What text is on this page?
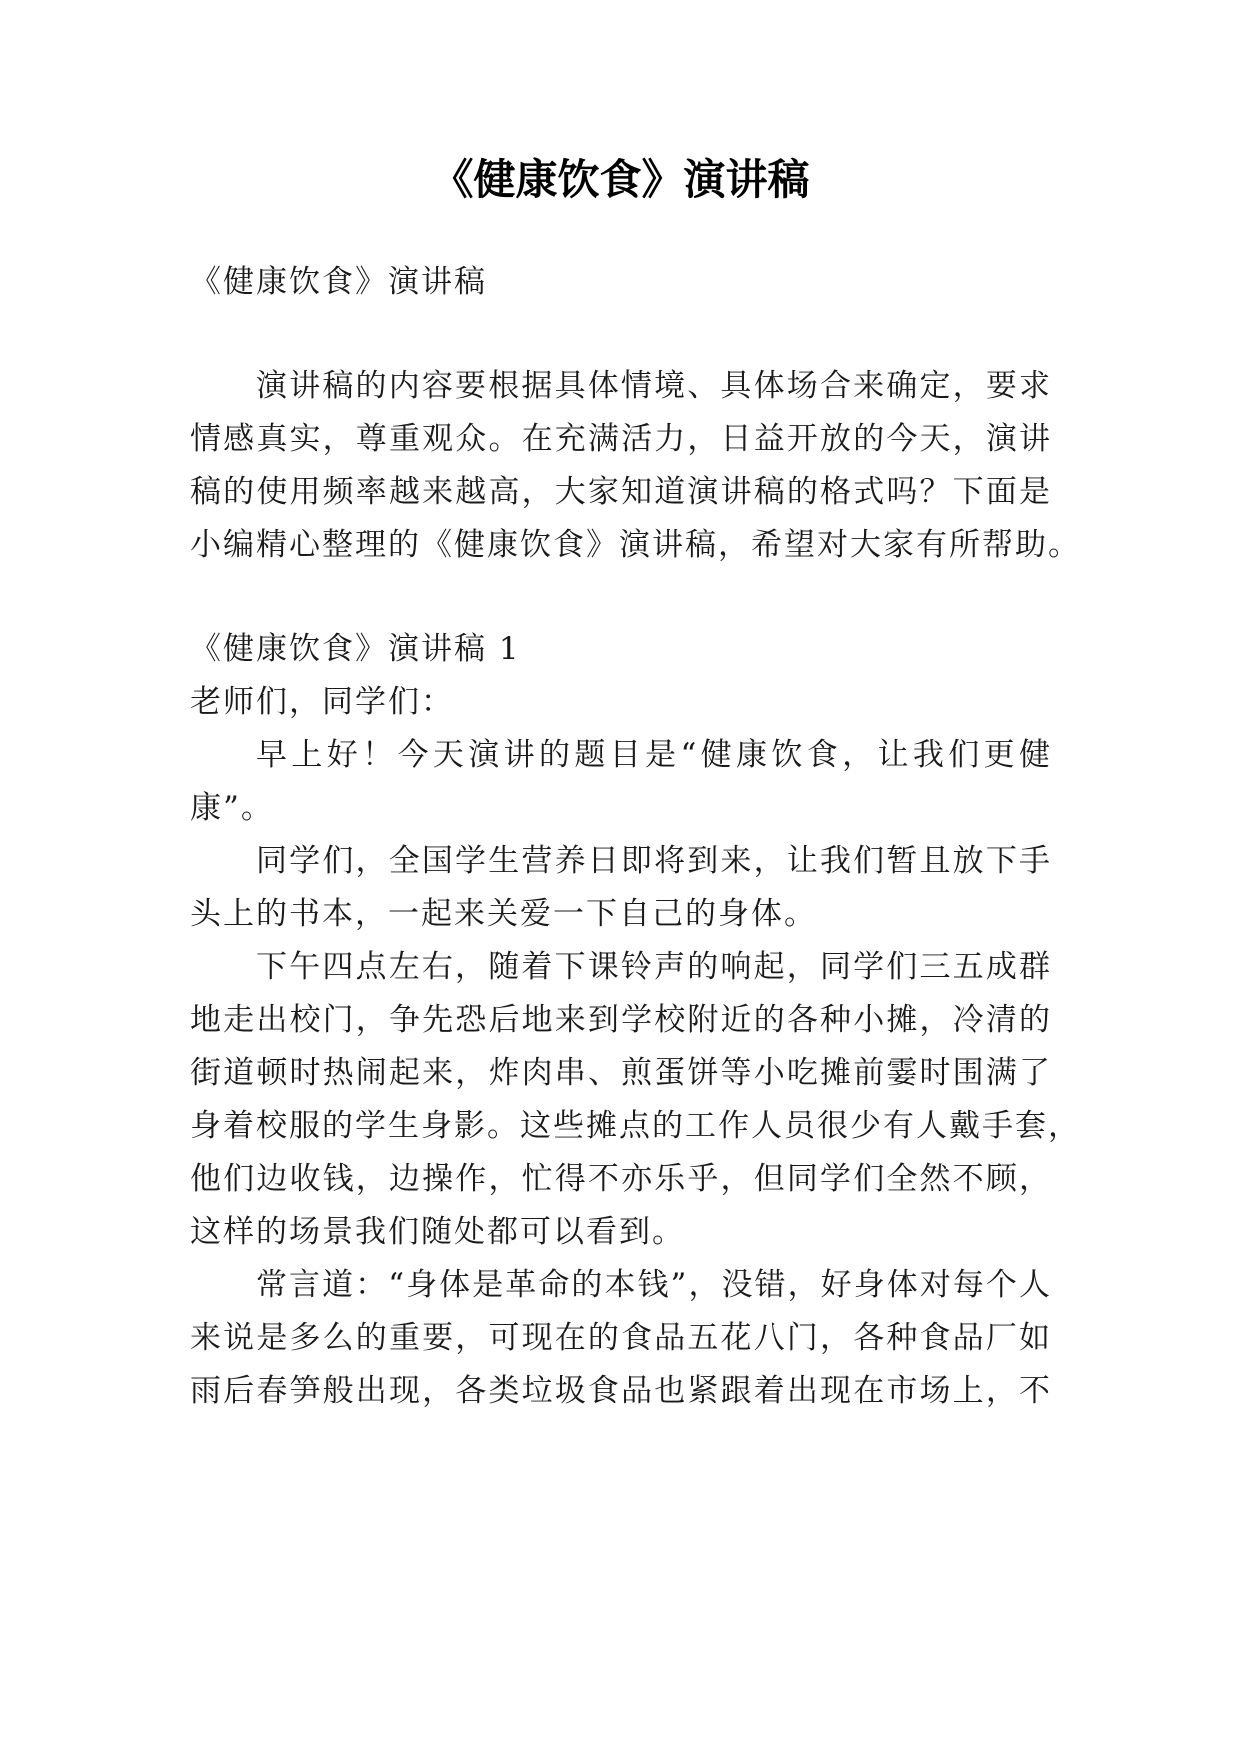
《健康饮食》演讲稿
《健康饮食》演讲稿
演讲稿的内容要根据具体情境、具体场合来确定，要求
情感真实，尊重观众。在充满活力，日益开放的今天，演讲
稿的使用频率越来越高，大家知道演讲稿的格式吗？下面是
小编精心整理的《健康饮食》演讲稿，希望对大家有所帮助。
《健康饮食》演讲稿 1
老师们，同学们：
早上好！今天演讲的题目是“健康饮食，让我们更健
康”。
同学们，全国学生营养日即将到来，让我们暂且放下手
头上的书本，一起来关爱一下自己的身体。
下午四点左右，随着下课铃声的响起，同学们三五成群
地走出校门，争先恐后地来到学校附近的各种小摊，冷清的
街道顿时热闹起来，炸肉串、煎蛋饼等小吃摊前霎时围满了
身着校服的学生身影。这些摊点的工作人员很少有人戴手套，
他们边收钱，边操作，忙得不亦乐乎，但同学们全然不顾，
这样的场景我们随处都可以看到。
常言道：“身体是革命的本钱”，没错，好身体对每个人
来说是多么的重要，可现在的食品五花八门，各种食品厂如
雨后春笋般出现，各类垃圾食品也紧跟着出现在市场上，不
